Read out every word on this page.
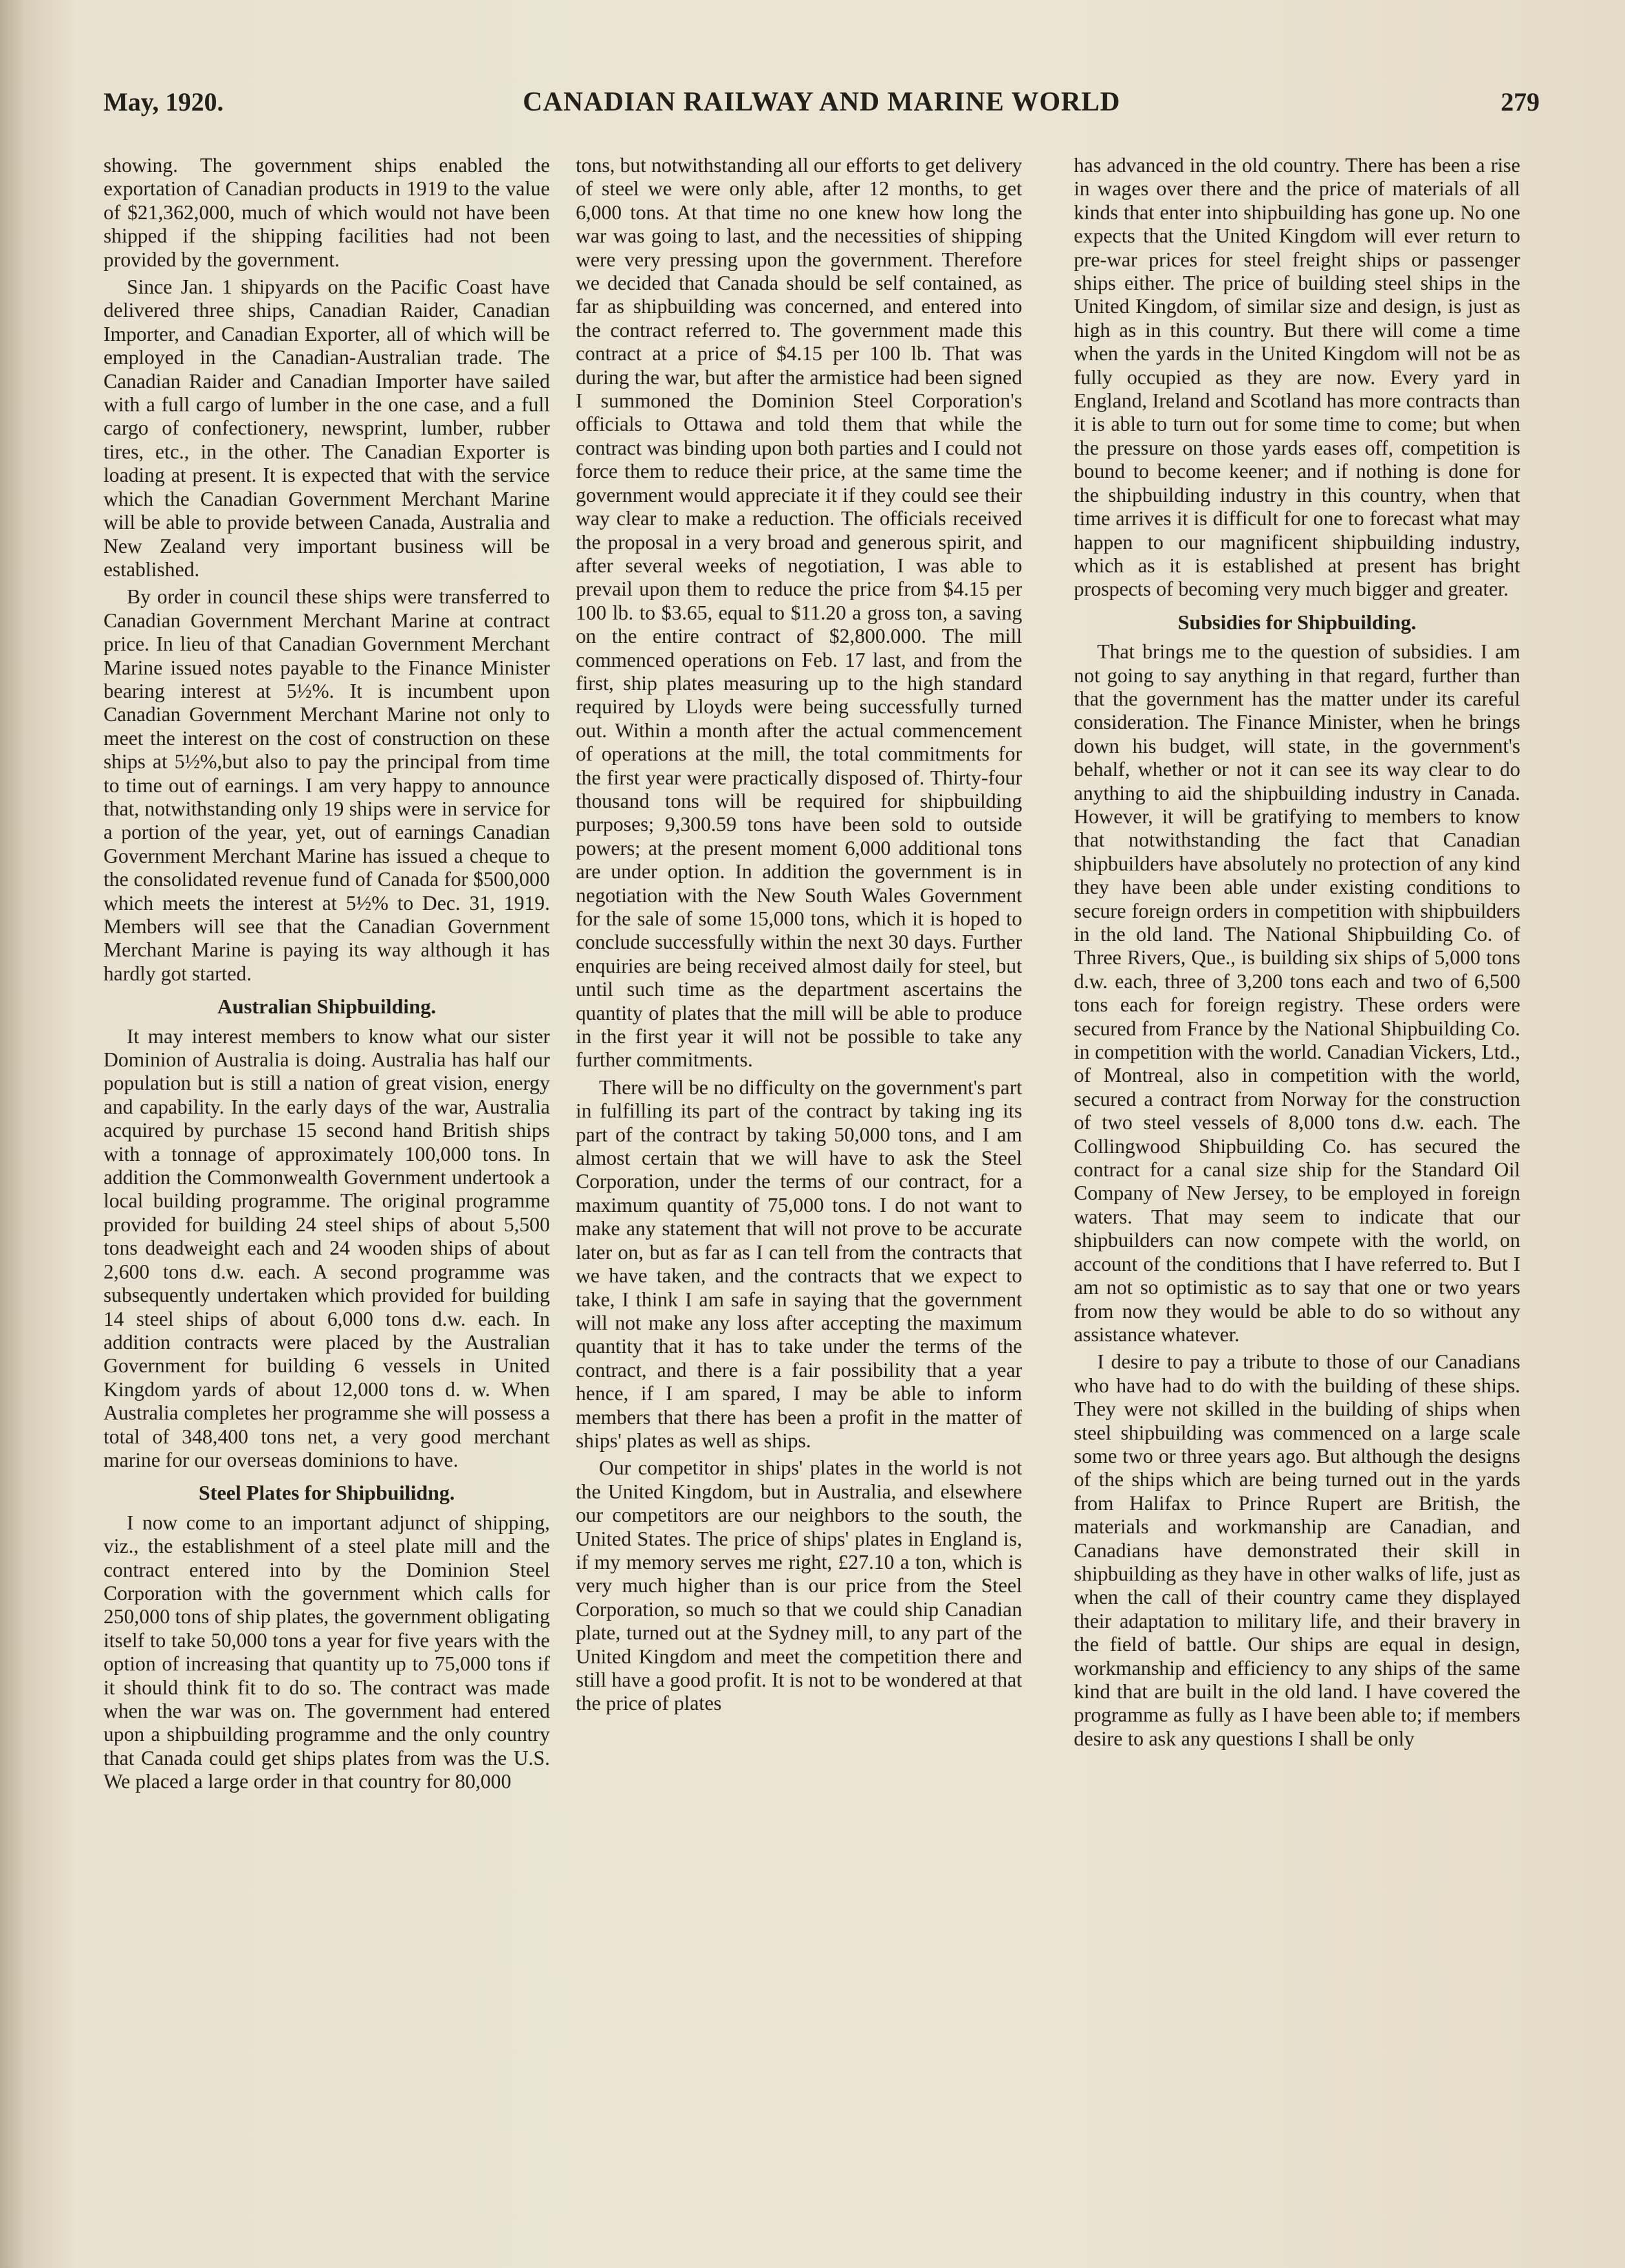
May, 1920.	CANADIAN RAILWAY AND MARINE WORLD	279

showing. The government ships enabled the exportation of Canadian products in 1919 to the value of $21,362,000, much of which would not have been shipped if the shipping facilities had not been provided by the government.

Since Jan. 1 shipyards on the Pacific Coast have delivered three ships, Canadian Raider, Canadian Importer, and Canadian Exporter, all of which will be employed in the Canadian-Australian trade. The Canadian Raider and Canadian Importer have sailed with a full cargo of lumber in the one case, and a full cargo of confectionery, newsprint, lumber, rubber tires, etc., in the other. The Canadian Exporter is loading at present. It is expected that with the service which the Canadian Government Merchant Marine will be able to provide between Canada, Australia and New Zealand very important business will be established.

By order in council these ships were transferred to Canadian Government Merchant Marine at contract price. In lieu of that Canadian Government Merchant Marine issued notes payable to the Finance Minister bearing interest at 5½%. It is incumbent upon Canadian Government Merchant Marine not only to meet the interest on the cost of construction on these ships at 5½%,but also to pay the principal from time to time out of earnings. I am very happy to announce that, notwithstanding only 19 ships were in service for a portion of the year, yet, out of earnings Canadian Government Merchant Marine has issued a cheque to the consolidated revenue fund of Canada for $500,000 which meets the interest at 5½% to Dec. 31, 1919. Members will see that the Canadian Government Merchant Marine is paying its way although it has hardly got started.

Australian Shipbuilding.

It may interest members to know what our sister Dominion of Australia is doing. Australia has half our population but is still a nation of great vision, energy and capability. In the early days of the war, Australia acquired by purchase 15 second hand British ships with a tonnage of approximately 100,000 tons. In addition the Commonwealth Government undertook a local building programme. The original programme provided for building 24 steel ships of about 5,500 tons deadweight each and 24 wooden ships of about 2,600 tons d.w. each. A second programme was subsequently undertaken which provided for building 14 steel ships of about 6,000 tons d.w. each. In addition contracts were placed by the Australian Government for building 6 vessels in United Kingdom yards of about 12,000 tons d. w. When Australia completes her programme she will possess a total of 348,400 tons net, a very good merchant marine for our overseas dominions to have.

Steel Plates for Shipbuilidng.

I now come to an important adjunct of shipping, viz., the establishment of a steel plate mill and the contract entered into by the Dominion Steel Corporation with the government which calls for 250,000 tons of ship plates, the government obligating itself to take 50,000 tons a year for five years with the option of increasing that quantity up to 75,000 tons if it should think fit to do so. The contract was made when the war was on. The government had entered upon a shipbuilding programme and the only country that Canada could get ships plates from was the U.S. We placed a large order in that country for 80,000

tons, but notwithstanding all our efforts to get delivery of steel we were only able, after 12 months, to get 6,000 tons. At that time no one knew how long the war was going to last, and the necessities of shipping were very pressing upon the government. Therefore we decided that Canada should be self contained, as far as shipbuilding was concerned, and entered into the contract referred to. The government made this contract at a price of $4.15 per 100 lb. That was during the war, but after the armistice had been signed I summoned the Dominion Steel Corporation's officials to Ottawa and told them that while the contract was binding upon both parties and I could not force them to reduce their price, at the same time the government would appreciate it if they could see their way clear to make a reduction. The officials received the proposal in a very broad and generous spirit, and after several weeks of negotiation, I was able to prevail upon them to reduce the price from $4.15 per 100 lb. to $3.65, equal to $11.20 a gross ton, a saving on the entire contract of $2,800.000. The mill commenced operations on Feb. 17 last, and from the first, ship plates measuring up to the high standard required by Lloyds were being successfully turned out. Within a month after the actual commencement of operations at the mill, the total commitments for the first year were practically disposed of. Thirty-four thousand tons will be required for shipbuilding purposes; 9,300.59 tons have been sold to outside powers; at the present moment 6,000 additional tons are under option. In addition the government is in negotiation with the New South Wales Government for the sale of some 15,000 tons, which it is hoped to conclude successfully within the next 30 days. Further enquiries are being received almost daily for steel, but until such time as the department ascertains the quantity of plates that the mill will be able to produce in the first year it will not be possible to take any further commitments.

There will be no difficulty on the government's part in fulfilling its part of the contract by taking ing its part of the contract by taking 50,000 tons, and I am almost certain that we will have to ask the Steel Corporation, under the terms of our contract, for a maximum quantity of 75,000 tons. I do not want to make any statement that will not prove to be accurate later on, but as far as I can tell from the contracts that we have taken, and the contracts that we expect to take, I think I am safe in saying that the government will not make any loss after accepting the maximum quantity that it has to take under the terms of the contract, and there is a fair possibility that a year hence, if I am spared, I may be able to inform members that there has been a profit in the matter of ships' plates as well as ships.

Our competitor in ships' plates in the world is not the United Kingdom, but in Australia, and elsewhere our competitors are our neighbors to the south, the United States. The price of ships' plates in England is, if my memory serves me right, £27.10 a ton, which is very much higher than is our price from the Steel Corporation, so much so that we could ship Canadian plate, turned out at the Sydney mill, to any part of the United Kingdom and meet the competition there and still have a good profit. It is not to be wondered at that the price of plates

has advanced in the old country. There has been a rise in wages over there and the price of materials of all kinds that enter into shipbuilding has gone up. No one expects that the United Kingdom will ever return to pre-war prices for steel freight ships or passenger ships either. The price of building steel ships in the United Kingdom, of similar size and design, is just as high as in this country. But there will come a time when the yards in the United Kingdom will not be as fully occupied as they are now. Every yard in England, Ireland and Scotland has more contracts than it is able to turn out for some time to come; but when the pressure on those yards eases off, competition is bound to become keener; and if nothing is done for the shipbuilding industry in this country, when that time arrives it is difficult for one to forecast what may happen to our magnificent shipbuilding industry, which as it is established at present has bright prospects of becoming very much bigger and greater.

Subsidies for Shipbuilding.

That brings me to the question of subsidies. I am not going to say anything in that regard, further than that the government has the matter under its careful consideration. The Finance Minister, when he brings down his budget, will state, in the government's behalf, whether or not it can see its way clear to do anything to aid the shipbuilding industry in Canada. However, it will be gratifying to members to know that notwithstanding the fact that Canadian shipbuilders have absolutely no protection of any kind they have been able under existing conditions to secure foreign orders in competition with shipbuilders in the old land. The National Shipbuilding Co. of Three Rivers, Que., is building six ships of 5,000 tons d.w. each, three of 3,200 tons each and two of 6,500 tons each for foreign registry. These orders were secured from France by the National Shipbuilding Co. in competition with the world. Canadian Vickers, Ltd., of Montreal, also in competition with the world, secured a contract from Norway for the construction of two steel vessels of 8,000 tons d.w. each. The Collingwood Shipbuilding Co. has secured the contract for a canal size ship for the Standard Oil Company of New Jersey, to be employed in foreign waters. That may seem to indicate that our shipbuilders can now compete with the world, on account of the conditions that I have referred to. But I am not so optimistic as to say that one or two years from now they would be able to do so without any assistance whatever.

I desire to pay a tribute to those of our Canadians who have had to do with the building of these ships. They were not skilled in the building of ships when steel shipbuilding was commenced on a large scale some two or three years ago. But although the designs of the ships which are being turned out in the yards from Halifax to Prince Rupert are British, the materials and workmanship are Canadian, and Canadians have demonstrated their skill in shipbuilding as they have in other walks of life, just as when the call of their country came they displayed their adaptation to military life, and their bravery in the field of battle. Our ships are equal in design, workmanship and efficiency to any ships of the same kind that are built in the old land. I have covered the programme as fully as I have been able to; if members desire to ask any questions I shall be only
